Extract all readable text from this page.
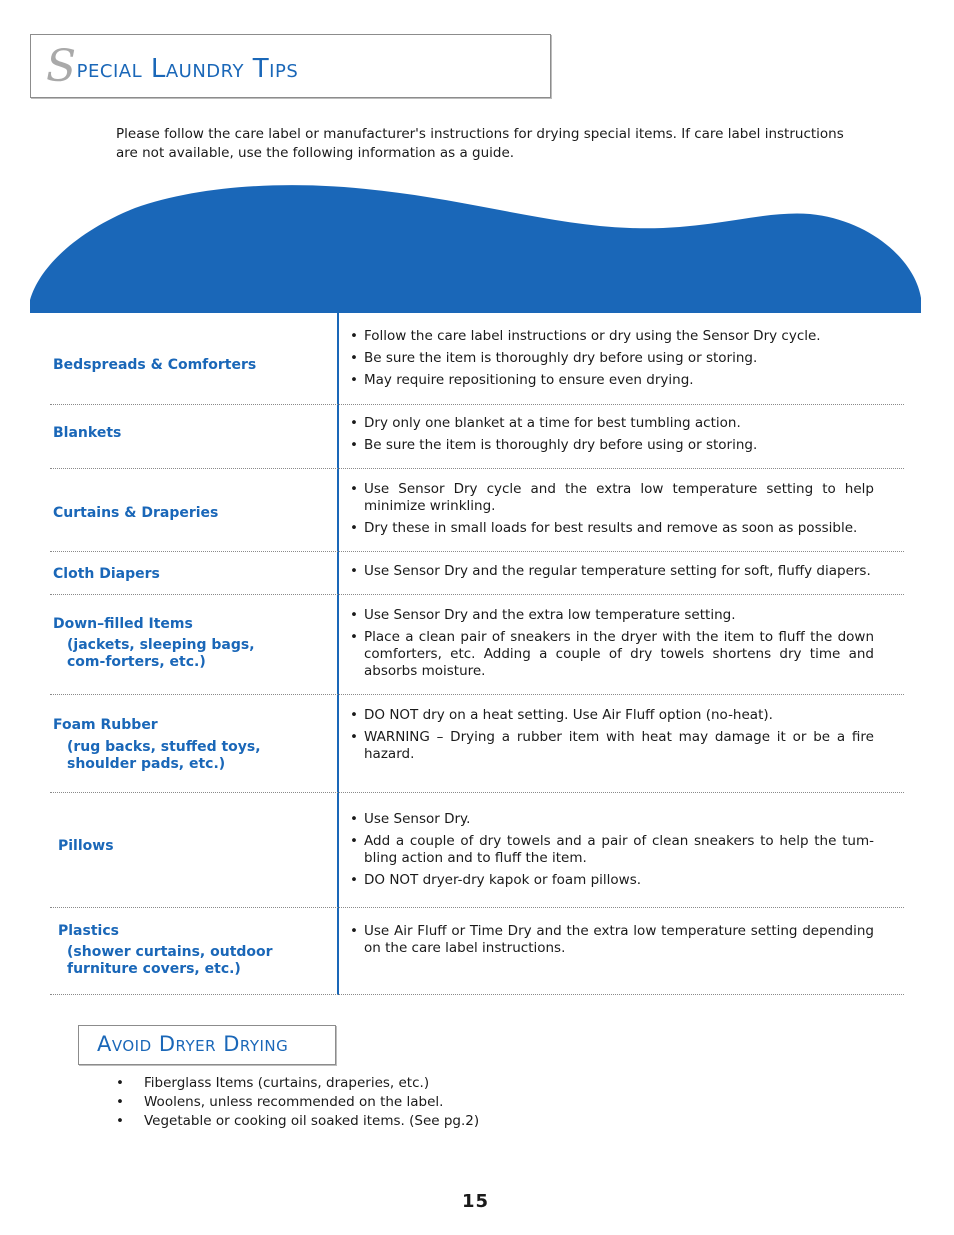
Special Laundry Tips
Please follow the care label or manufacturer's instructions for drying special items. If care label instructions are not available, use the following information as a guide.
Bedspreads & Comforters
• Follow the care label instructions or dry using the Sensor Dry cycle.
• Be sure the item is thoroughly dry before using or storing.
• May require repositioning to ensure even drying.
Blankets
• Dry only one blanket at a time for best tumbling action.
• Be sure the item is thoroughly dry before using or storing.
Curtains & Draperies
• Use Sensor Dry cycle and the extra low temperature setting to help minimize wrinkling.
• Dry these in small loads for best results and remove as soon as possible.
Cloth Diapers	• Use Sensor Dry and the regular temperature setting for soft, fluffy diapers.
Down–filled Items
(jackets, sleeping bags, com-forters, etc.)
• Use Sensor Dry and the extra low temperature setting.
• Place a clean pair of sneakers in the dryer with the item to fluff the down comforters, etc. Adding a couple of dry towels shortens dry time and absorbs moisture.
Foam Rubber
(rug backs, stuffed toys, shoulder pads, etc.)
• DO NOT dry on a heat setting. Use Air Fluff option (no-heat).
• WARNING – Drying a rubber item with heat may damage it or be a fire hazard.
Pillows
• Use Sensor Dry.
• Add a couple of dry towels and a pair of clean sneakers to help the tum-bling action and to fluff the item.
• DO NOT dryer-dry kapok or foam pillows.
Plastics
(shower curtains, outdoor furniture covers, etc.)
• Use Air Fluff or Time Dry and the extra low temperature setting depending on the care label instructions.
Avoid Dryer Drying
• Fiberglass Items (curtains, draperies, etc.)
• Woolens, unless recommended on the label.
• Vegetable or cooking oil soaked items. (See pg.2)
15
